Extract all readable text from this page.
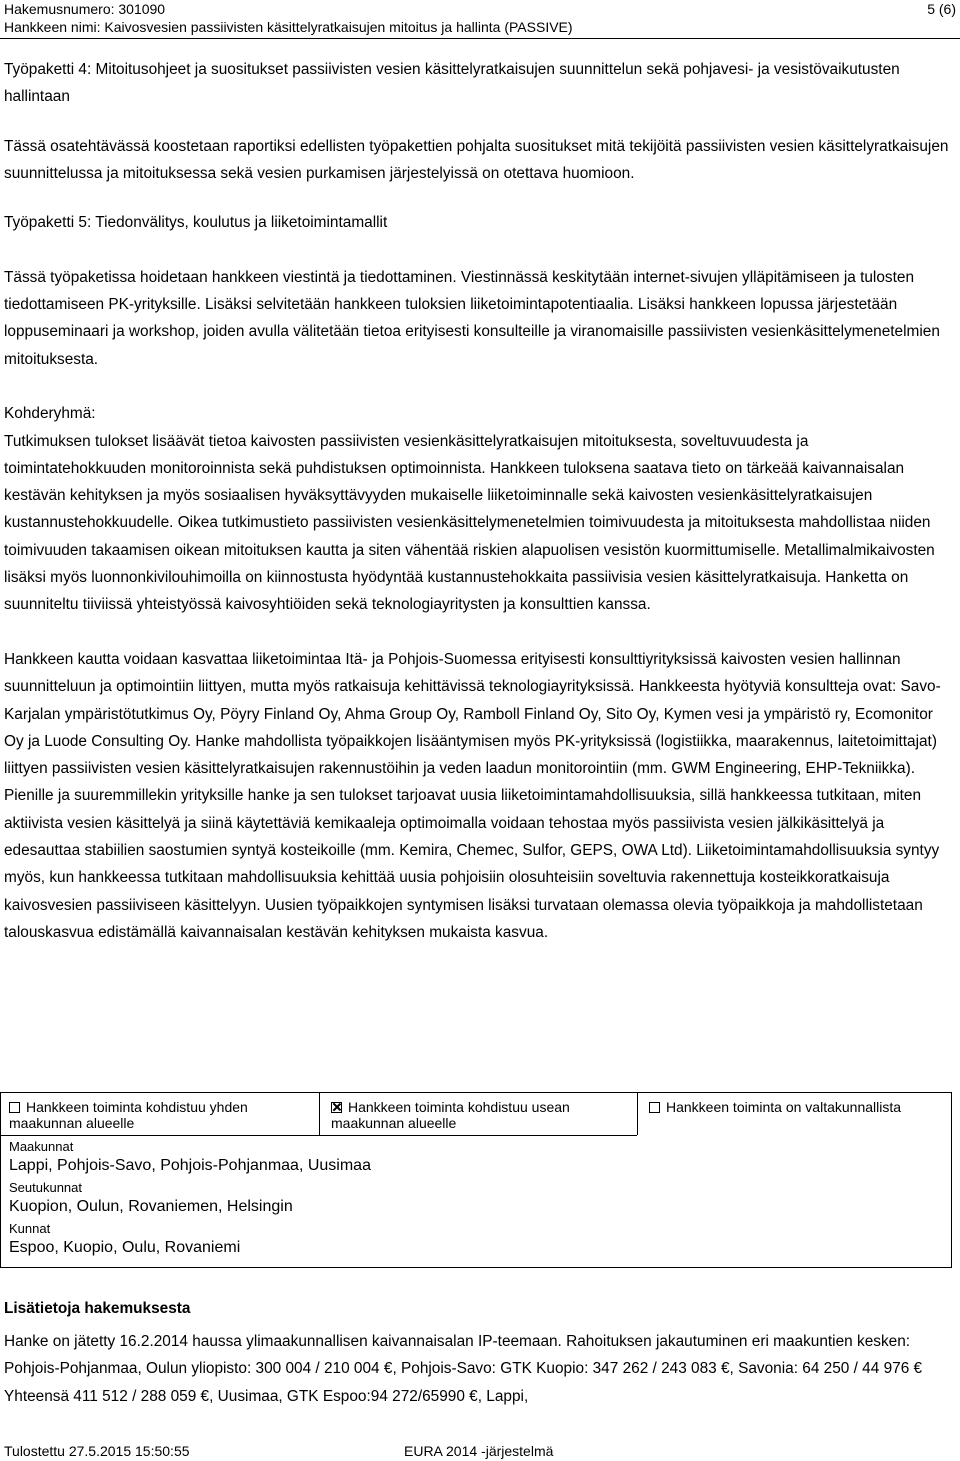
Hakemusnumero: 301090	5 (6)
Hankkeen nimi: Kaivosvesien passiivisten käsittelyratkaisujen mitoitus ja hallinta (PASSIVE)

Työpaketti 4: Mitoitusohjeet ja suositukset passiivisten vesien käsittelyratkaisujen suunnittelun sekä pohjavesi- ja vesistövaikutusten hallintaan

Tässä osatehtävässä koostetaan raportiksi edellisten työpakettien pohjalta suositukset mitä tekijöitä passiivisten vesien käsittelyratkaisujen suunnittelussa ja mitoituksessa sekä vesien purkamisen järjestelyissä on otettava huomioon.

Työpaketti 5: Tiedonvälitys, koulutus ja liiketoimintamallit

Tässä työpaketissa hoidetaan hankkeen viestintä ja tiedottaminen. Viestinnässä keskitytään internet-sivujen ylläpitämiseen ja tulosten tiedottamiseen PK-yrityksille. Lisäksi selvitetään hankkeen tuloksien liiketoimintapotentiaalia. Lisäksi hankkeen lopussa järjestetään loppuseminaari ja workshop, joiden avulla välitetään tietoa erityisesti konsulteille ja viranomaisille passiivisten vesienkäsittelymenetelmien mitoituksesta.

Kohderyhmä:

Tutkimuksen tulokset lisäävät tietoa kaivosten passiivisten vesienkäsittelyratkaisujen mitoituksesta, soveltuvuudesta ja toimintatehokkuuden monitoroinnista sekä puhdistuksen optimoinnista. Hankkeen tuloksena saatava tieto on tärkeää kaivannaisalan kestävän kehityksen ja myös sosiaalisen hyväksyttävyyden mukaiselle liiketoiminnalle sekä kaivosten vesienkäsittelyratkaisujen kustannustehokkuudelle. Oikea tutkimustieto passiivisten vesienkäsittelymenetelmien toimivuudesta ja mitoituksesta mahdollistaa niiden toimivuuden takaamisen oikean mitoituksen kautta ja siten vähentää riskien alapuolisen vesistön kuormittumiselle. Metallimalmikaivosten lisäksi myös luonnonkivilouhimoilla on kiinnostusta hyödyntää kustannustehokkaita passiivisia vesien käsittelyratkaisuja. Hanketta on suunniteltu tiiviissä yhteistyössä kaivosyhtiöiden sekä teknologiayritysten ja konsulttien kanssa.

Hankkeen kautta voidaan kasvattaa liiketoimintaa Itä- ja Pohjois-Suomessa erityisesti konsulttiyrityksissä kaivosten vesien hallinnan suunnitteluun ja optimointiin liittyen, mutta myös ratkaisuja kehittävissä teknologiayrityksissä. Hankkeesta hyötyviä konsultteja ovat: Savo-Karjalan ympäristötutkimus Oy, Pöyry Finland Oy, Ahma Group Oy, Ramboll Finland Oy, Sito Oy, Kymen vesi ja ympäristö ry, Ecomonitor Oy ja Luode Consulting Oy. Hanke mahdollista työpaikkojen lisääntymisen myös PK-yrityksissä (logistiikka, maarakennus, laitetoimittajat) liittyen passiivisten vesien käsittelyratkaisujen rakennustöihin ja veden laadun monitorointiin (mm. GWM Engineering, EHP-Tekniikka). Pienille ja suuremmillekin yrityksille hanke ja sen tulokset tarjoavat uusia liiketoimintamahdollisuuksia, sillä hankkeessa tutkitaan, miten aktiivista vesien käsittelyä ja siinä käytettäviä kemikaaleja optimoimalla voidaan tehostaa myös passiivista vesien jälkikäsittelyä ja edesauttaa stabiilien saostumien syntyä kosteikoille (mm. Kemira, Chemec, Sulfor, GEPS, OWA Ltd). Liiketoimintamahdollisuuksia syntyy myös, kun hankkeessa tutkitaan mahdollisuuksia kehittää uusia pohjoisiin olosuhteisiin soveltuvia rakennettuja kosteikkoratkaisuja kaivosvesien passiiviseen käsittelyyn. Uusien työpaikkojen syntymisen lisäksi turvataan olemassa olevia työpaikkoja ja mahdollistetaan talouskasvua edistämällä kaivannaisalan kestävän kehityksen mukaista kasvua.

Hankkeen toiminta kohdistuu yhden maakunnan alueelle
Hankkeen toiminta kohdistuu usean maakunnan alueelle
Hankkeen toiminta on valtakunnallista
Maakunnat
Lappi, Pohjois-Savo, Pohjois-Pohjanmaa, Uusimaa
Seutukunnat
Kuopion, Oulun, Rovaniemen, Helsingin
Kunnat
Espoo, Kuopio, Oulu, Rovaniemi
Lisätietoja hakemuksesta
Hanke on jätetty 16.2.2014 haussa ylimaakunnallisen kaivannaisalan IP-teemaan. Rahoituksen jakautuminen eri maakuntien kesken: Pohjois-Pohjanmaa, Oulun yliopisto: 300 004 / 210 004 €, Pohjois-Savo: GTK Kuopio: 347 262 / 243 083 €, Savonia: 64 250 / 44 976 € Yhteensä 411 512 / 288 059 €, Uusimaa, GTK Espoo:94 272/65990 €, Lappi,
Tulostettu 27.5.2015 15:50:55	EURA 2014 -järjestelmä
